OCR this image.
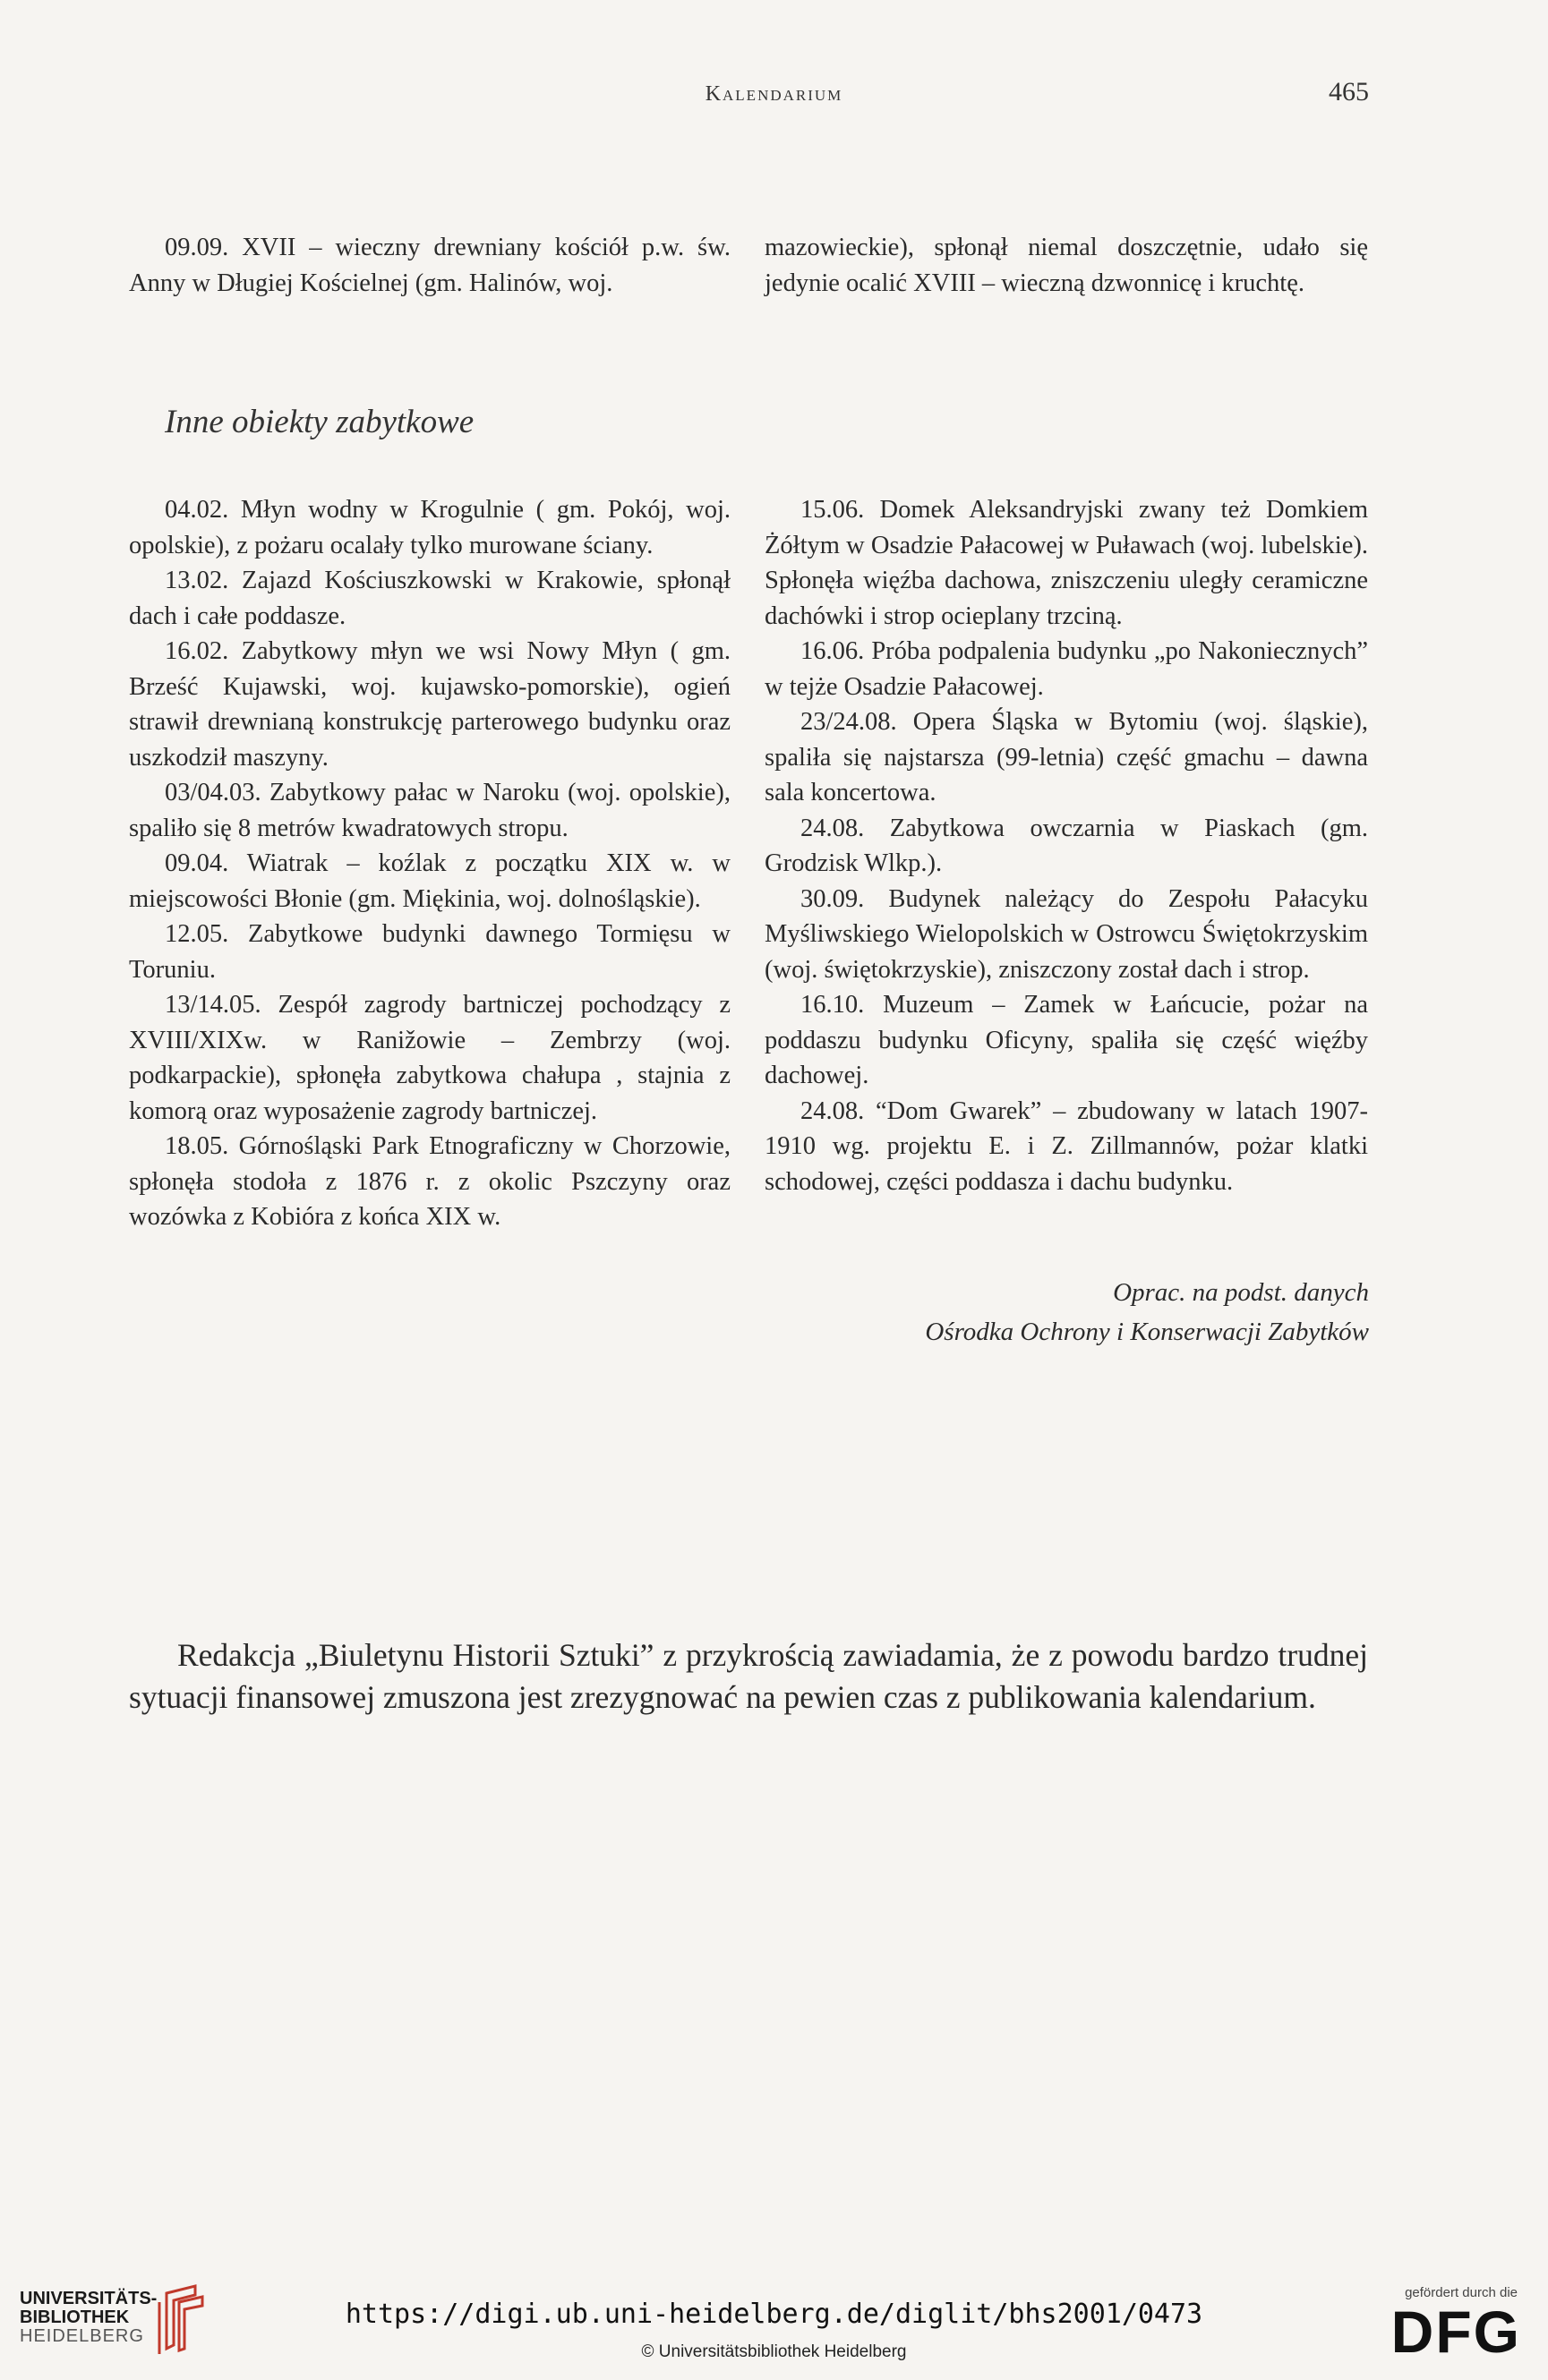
Kalendarium	465

09.09. XVII – wieczny drewniany kościół p.w. św. Anny w Długiej Kościelnej (gm. Halinów, woj.

mazowieckie), spłonął niemal doszczętnie, udało się jedynie ocalić XVIII – wieczną dzwonnicę i kruchtę.

Inne obiekty zabytkowe

04.02. Młyn wodny w Krogulnie ( gm. Pokój, woj. opolskie), z pożaru ocalały tylko murowane ściany.

13.02. Zajazd Kościuszkowski w Krakowie, spłonął dach i całe poddasze.

16.02. Zabytkowy młyn we wsi Nowy Młyn ( gm. Brześć Kujawski, woj. kujawsko-pomorskie), ogień strawił drewnianą konstrukcję parterowego budynku oraz uszkodził maszyny.

03/04.03. Zabytkowy pałac w Naroku (woj. opolskie), spaliło się 8 metrów kwadratowych stropu.

09.04. Wiatrak – koźlak z początku XIX w. w miejscowości Błonie (gm. Miękinia, woj. dolnośląskie).

12.05. Zabytkowe budynki dawnego Tormięsu w Toruniu.

13/14.05. Zespół zagrody bartniczej pochodzący z XVIII/XIXw. w Ranižowie – Zembrzy (woj. podkarpackie), spłonęła zabytkowa chałupa , stajnia z komorą oraz wyposażenie zagrody bartniczej.

18.05. Górnośląski Park Etnograficzny w Chorzowie, spłonęła stodoła z 1876 r. z okolic Pszczyny oraz wozówka z Kobióra z końca XIX w.

15.06. Domek Aleksandryjski zwany też Domkiem Żółtym w Osadzie Pałacowej w Puławach (woj. lubelskie). Spłonęła więźba dachowa, zniszczeniu uległy ceramiczne dachówki i strop ocieplany trzciną.

16.06. Próba podpalenia budynku „po Nakoniecznych” w tejże Osadzie Pałacowej.

23/24.08. Opera Śląska w Bytomiu (woj. śląskie), spaliła się najstarsza (99-letnia) część gmachu – dawna sala koncertowa.

24.08. Zabytkowa owczarnia w Piaskach (gm. Grodzisk Wlkp.).

30.09. Budynek należący do Zespołu Pałacyku Myśliwskiego Wielopolskich w Ostrowcu Świętokrzyskim (woj. świętokrzyskie), zniszczony został dach i strop.

16.10. Muzeum – Zamek w Łańcucie, pożar na poddaszu budynku Oficyny, spaliła się część więźby dachowej.

24.08. “Dom Gwarek” – zbudowany w latach 1907-1910 wg. projektu E. i Z. Zillmannów, pożar klatki schodowej, części poddasza i dachu budynku.

Oprac. na podst. danych
Ośrodka Ochrony i Konserwacji Zabytków

Redakcja „Biuletynu Historii Sztuki” z przykrością zawiadamia, że z powodu bardzo trudnej sytuacji finansowej zmuszona jest zrezygnować na pewien czas z publikowania kalendarium.

UNIVERSITÄTS-
BIBLIOTHEK
HEIDELBERG
https://digi.ub.uni-heidelberg.de/diglit/bhs2001/0473
© Universitätsbibliothek Heidelberg
gefördert durch die
DFG
